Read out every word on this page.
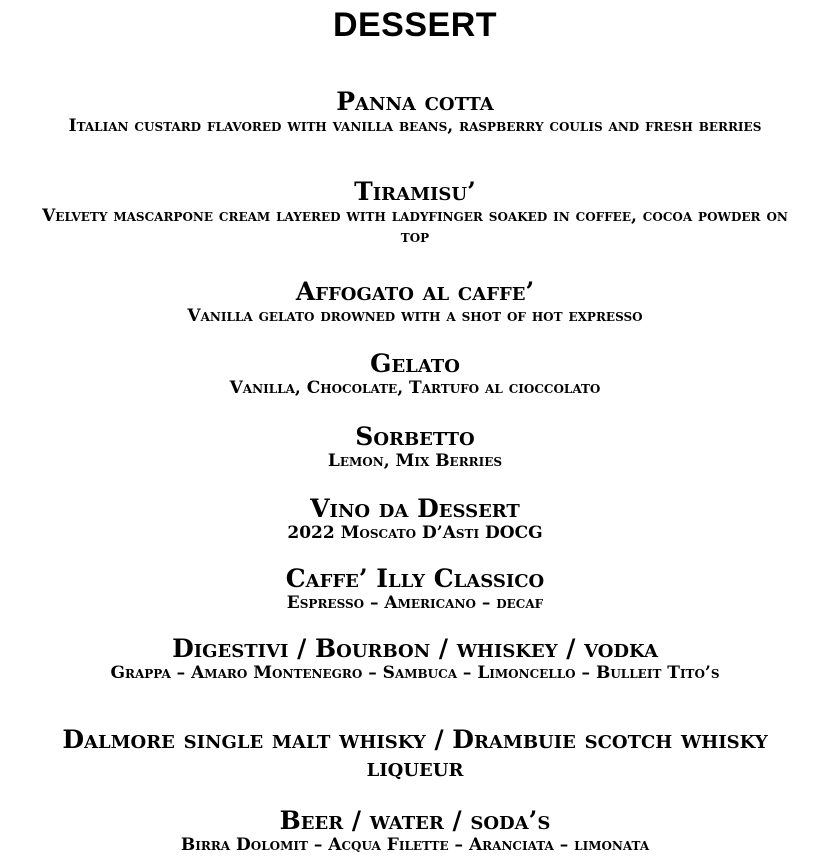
DESSERT
Panna cotta
Italian custard flavored with vanilla beans, raspberry coulis and fresh berries
Tiramisu’
Velvety mascarpone cream layered with ladyfinger soaked in coffee, cocoa powder on top
Affogato al caffe’
Vanilla gelato drowned with a shot of hot expresso
Gelato
Vanilla, Chocolate, Tartufo al cioccolato
Sorbetto
Lemon, Mix Berries
Vino da Dessert
2022 Moscato D’Asti DOCG
Caffe’ Illy Classico
Espresso – Americano – decaf
Digestivi / Bourbon / whiskey / vodka
Grappa – Amaro Montenegro – Sambuca – Limoncello – Bulleit Tito’s
Dalmore single malt whisky / Drambuie scotch whisky liqueur
Beer / water / soda’s
Birra Dolomit – Acqua Filette – Aranciata – limonata
